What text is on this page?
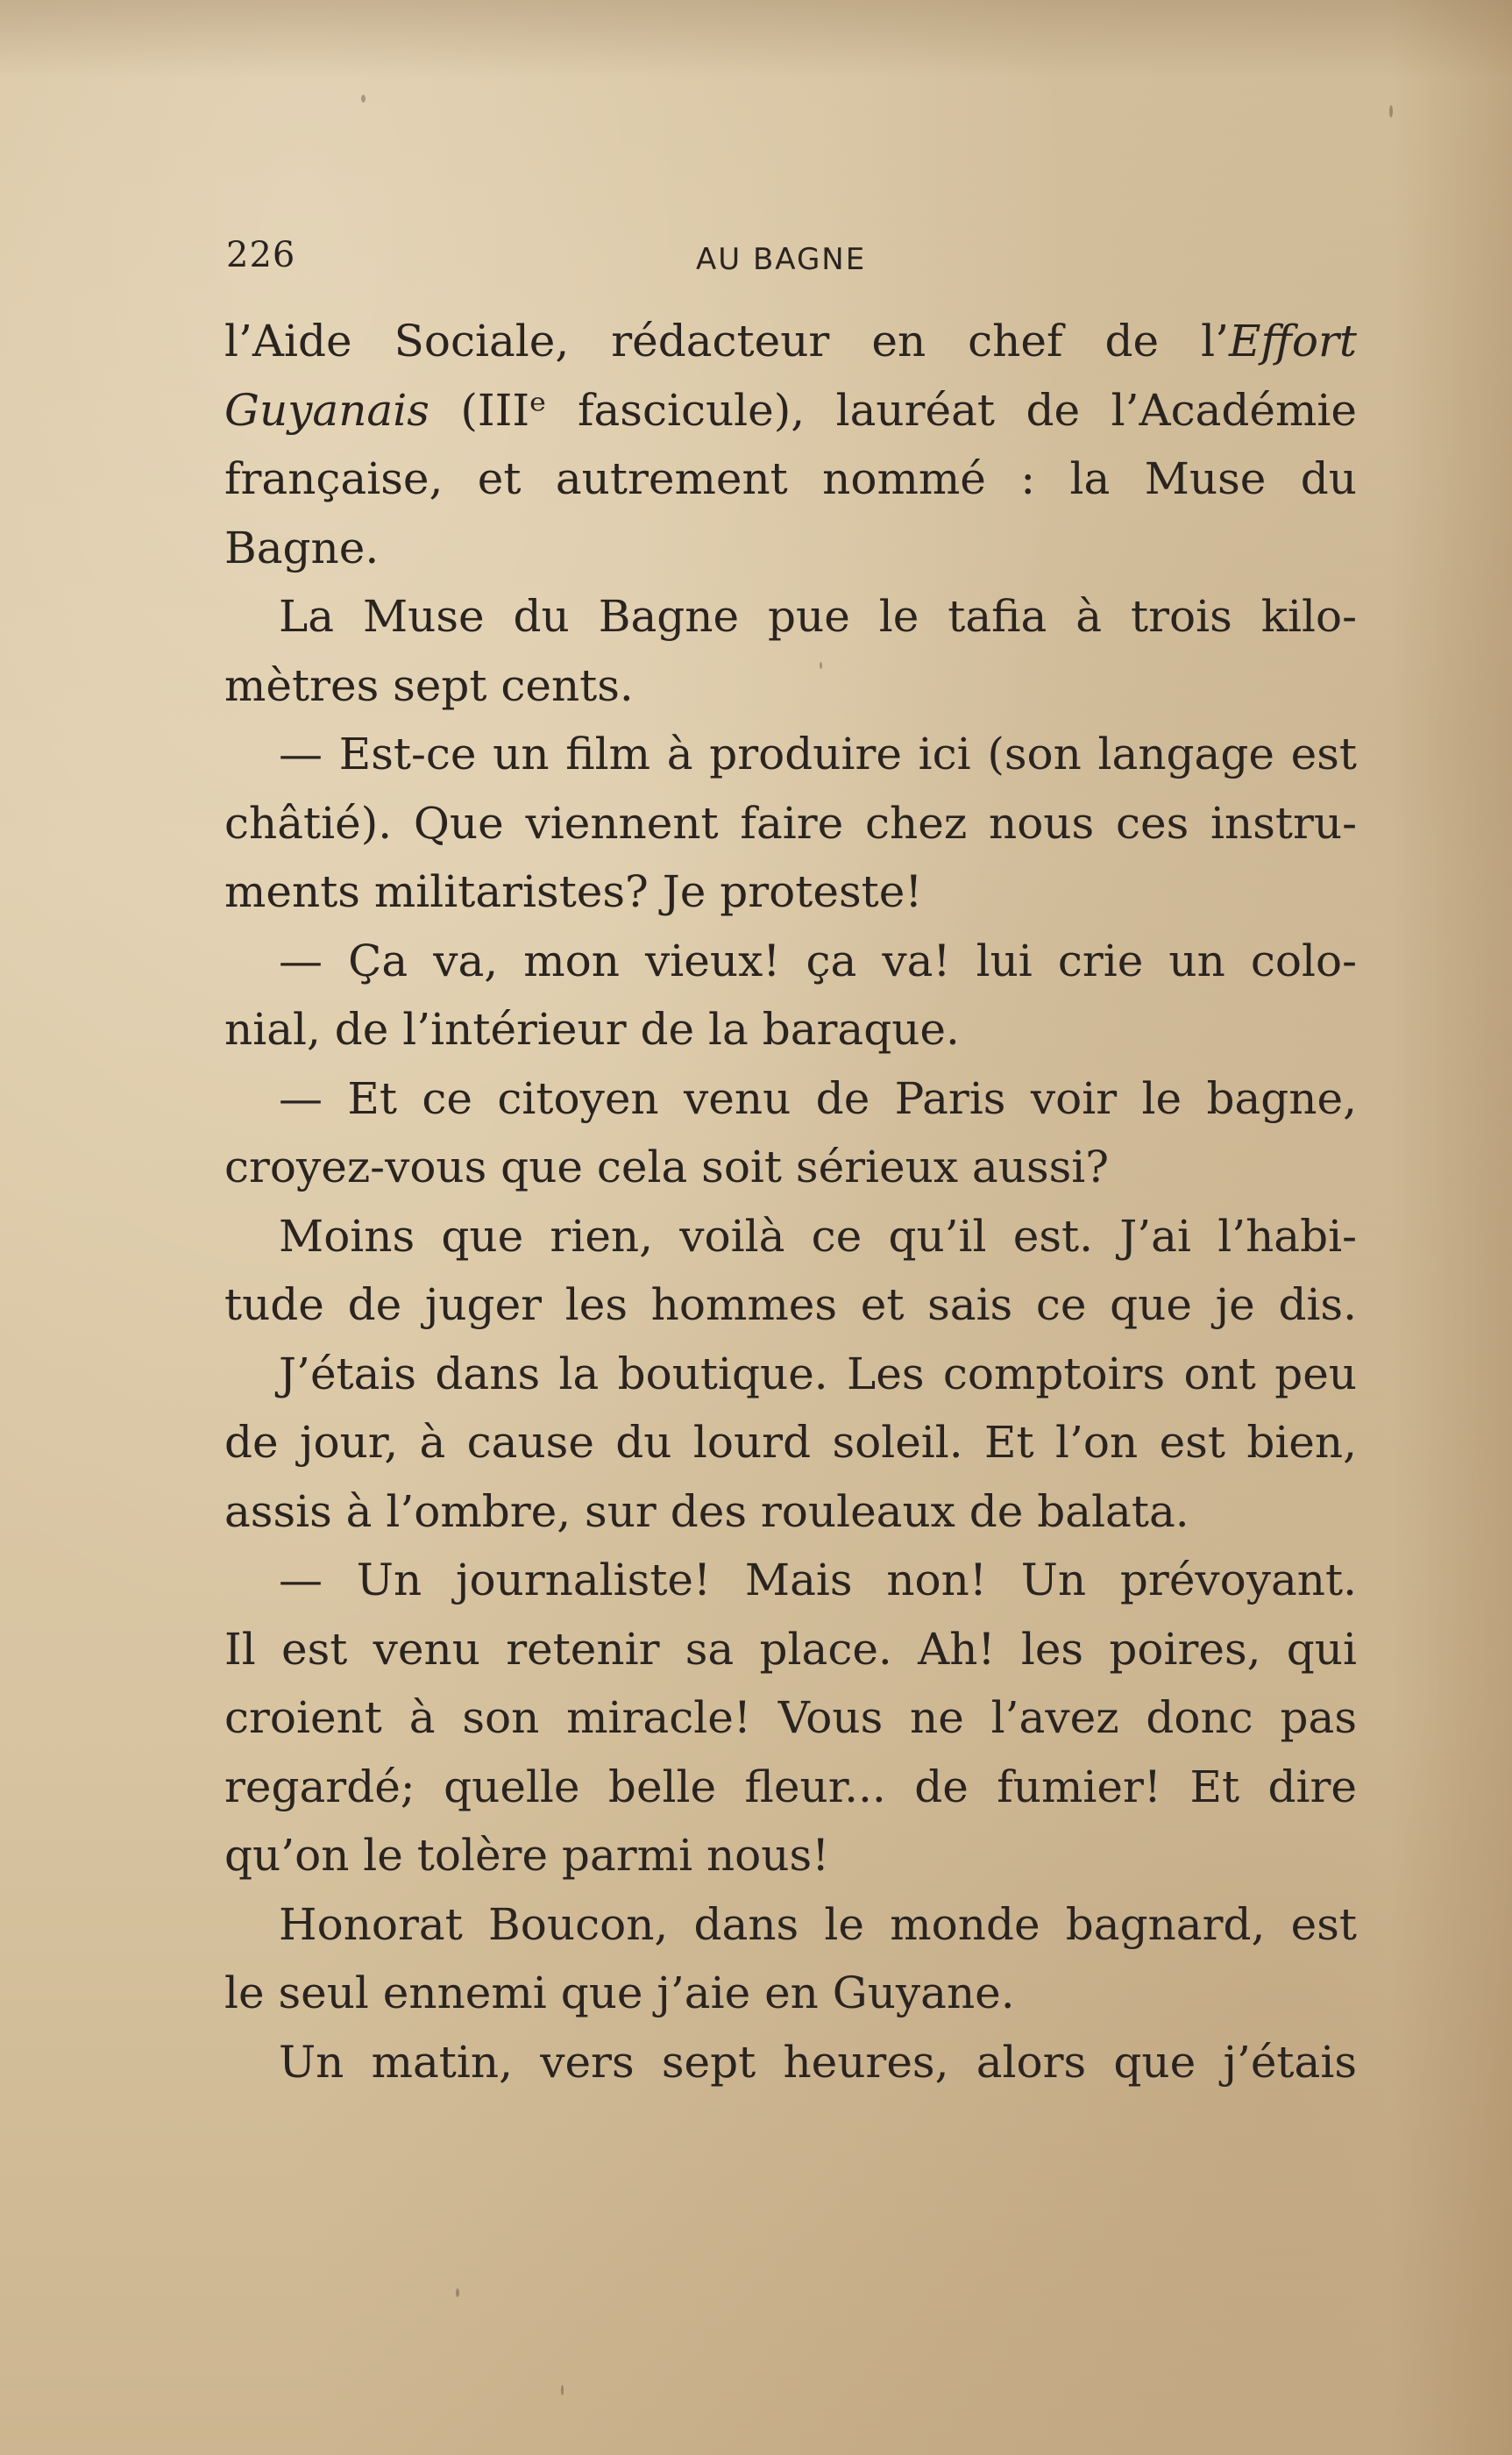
226	AU BAGNE
l’Aide Sociale, rédacteur en chef de l’Effort
Guyanais (IIIᵉ fascicule), lauréat de l’Académie
française, et autrement nommé : la Muse du
Bagne.
La Muse du Bagne pue le tafia à trois kilo-
mètres sept cents.
— Est-ce un film à produire ici (son langage est
châtié). Que viennent faire chez nous ces instru-
ments militaristes? Je proteste!
— Ça va, mon vieux! ça va! lui crie un colo-
nial, de l’intérieur de la baraque.
— Et ce citoyen venu de Paris voir le bagne,
croyez-vous que cela soit sérieux aussi?
Moins que rien, voilà ce qu’il est. J’ai l’habi-
tude de juger les hommes et sais ce que je dis.
J’étais dans la boutique. Les comptoirs ont peu
de jour, à cause du lourd soleil. Et l’on est bien,
assis à l’ombre, sur des rouleaux de balata.
— Un journaliste! Mais non! Un prévoyant.
Il est venu retenir sa place. Ah! les poires, qui
croient à son miracle! Vous ne l’avez donc pas
regardé; quelle belle fleur... de fumier! Et dire
qu’on le tolère parmi nous!
Honorat Boucon, dans le monde bagnard, est
le seul ennemi que j’aie en Guyane.
Un matin, vers sept heures, alors que j’étais
